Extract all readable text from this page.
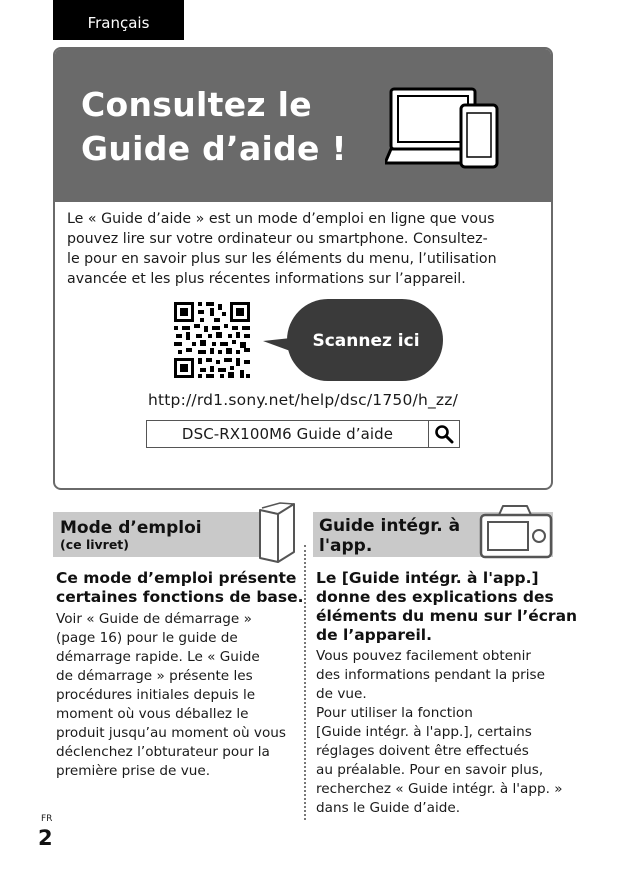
Français
Consultez le
Guide d’aide !
Le « Guide d’aide » est un mode d’emploi en ligne que vous
pouvez lire sur votre ordinateur ou smartphone. Consultez-
le pour en savoir plus sur les éléments du menu, l’utilisation
avancée et les plus récentes informations sur l’appareil.
Scannez ici
http://rd1.sony.net/help/dsc/1750/h_zz/
DSC-RX100M6 Guide d’aide
Mode d’emploi
(ce livret)
Ce mode d’emploi présente
certaines fonctions de base.
Voir « Guide de démarrage »
(page 16) pour le guide de
démarrage rapide. Le « Guide
de démarrage » présente les
procédures initiales depuis le
moment où vous déballez le
produit jusqu’au moment où vous
déclenchez l’obturateur pour la
première prise de vue.
Guide intégr. à
l'app.
Le [Guide intégr. à l'app.]
donne des explications des
éléments du menu sur l’écran
de l’appareil.
Vous pouvez facilement obtenir
des informations pendant la prise
de vue.
Pour utiliser la fonction
[Guide intégr. à l'app.], certains
réglages doivent être effectués
au préalable. Pour en savoir plus,
recherchez « Guide intégr. à l'app. »
dans le Guide d’aide.
FR
2
